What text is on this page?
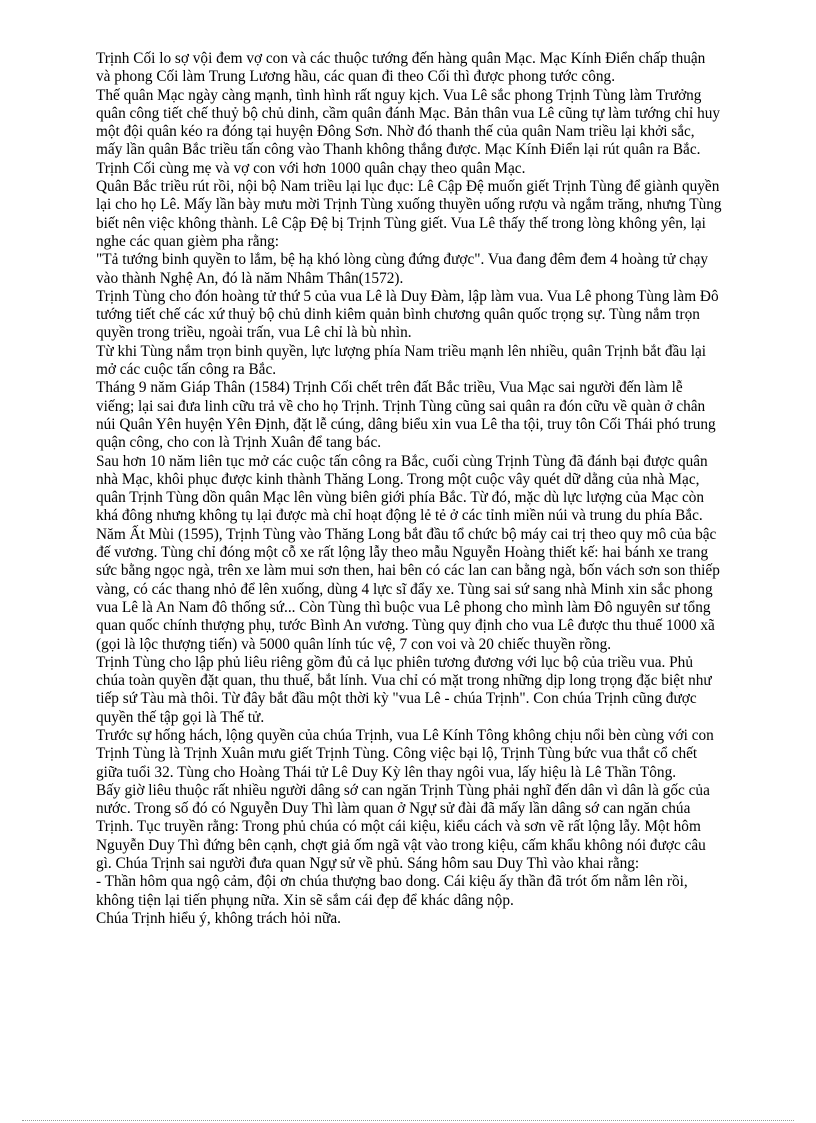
Trịnh Cối lo sợ vội đem vợ con và các thuộc tướng đến hàng quân Mạc. Mạc Kính Điển chấp thuận và phong Cối làm Trung Lương hầu, các quan đi theo Cối thì được phong tước công.

Thế quân Mạc ngày càng mạnh, tình hình rất nguy kịch. Vua Lê sắc phong Trịnh Tùng làm Trưởng quân công tiết chế thuỷ bộ chủ dinh, cầm quân đánh Mạc. Bản thân vua Lê cũng tự làm tướng chỉ huy một đội quân kéo ra đóng tại huyện Đông Sơn. Nhờ đó thanh thế của quân Nam triều lại khởi sắc, mấy lần quân Bắc triều tấn công vào Thanh không thắng được. Mạc Kính Điển lại rút quân ra Bắc. Trịnh Cối cùng mẹ và vợ con với hơn 1000 quân chạy theo quân Mạc.

Quân Bắc triều rút rồi, nội bộ Nam triều lại lục đục: Lê Cập Đệ muốn giết Trịnh Tùng để giành quyền lại cho họ Lê. Mấy lần bày mưu mời Trịnh Tùng xuống thuyền uống rượu và ngắm trăng, nhưng Tùng biết nên việc không thành. Lê Cập Đệ bị Trịnh Tùng giết. Vua Lê thấy thế trong lòng không yên, lại nghe các quan gièm pha rằng:

"Tả tướng binh quyền to lắm, bệ hạ khó lòng cùng đứng được". Vua đang đêm đem 4 hoàng tử chạy vào thành Nghệ An, đó là năm Nhâm Thân(1572).

Trịnh Tùng cho đón hoàng tử thứ 5 của vua Lê là Duy Đàm, lập làm vua. Vua Lê phong Tùng làm Đô tướng tiết chế các xứ thuỷ bộ chủ dinh kiêm quản bình chương quân quốc trọng sự. Tùng nắm trọn quyền trong triều, ngoài trấn, vua Lê chỉ là bù nhìn.

Từ khi Tùng nắm trọn binh quyền, lực lượng phía Nam triều mạnh lên nhiều, quân Trịnh bắt đầu lại mở các cuộc tấn công ra Bắc.

Tháng 9 năm Giáp Thân (1584) Trịnh Cối chết trên đất Bắc triều, Vua Mạc sai người đến làm lễ viếng; lại sai đưa linh cữu trả về cho họ Trịnh. Trịnh Tùng cũng sai quân ra đón cữu về quàn ở chân núi Quân Yên huyện Yên Định, đặt lễ cúng, dâng biểu xin vua Lê tha tội, truy tôn Cối Thái phó trung quận công, cho con là Trịnh Xuân để tang bác.

Sau hơn 10 năm liên tục mở các cuộc tấn công ra Bắc, cuối cùng Trịnh Tùng đã đánh bại được quân nhà Mạc, khôi phục được kinh thành Thăng Long. Trong một cuộc vây quét dữ dằng của nhà Mạc, quân Trịnh Tùng dồn quân Mạc lên vùng biên giới phía Bắc. Từ đó, mặc dù lực lượng của Mạc còn khá đông nhưng không tụ lại được mà chỉ hoạt động lẻ tẻ ở các tỉnh miền núi và trung du phía Bắc.

Năm Ất Mùi (1595), Trịnh Tùng vào Thăng Long bắt đầu tổ chức bộ máy cai trị theo quy mô của bậc đế vương. Tùng chỉ đóng một cỗ xe rất lộng lẫy theo mẫu Nguyễn Hoàng thiết kế: hai bánh xe trang sức bằng ngọc ngà, trên xe làm mui sơn then, hai bên có các lan can bằng ngà, bốn vách sơn son thiếp vàng, có các thang nhỏ để lên xuống, dùng 4 lực sĩ đẩy xe. Tùng sai sứ sang nhà Minh xin sắc phong vua Lê là An Nam đô thống sứ... Còn Tùng thì buộc vua Lê phong cho mình làm Đô nguyên sư tổng quan quốc chính thượng phụ, tước Bình An vương. Tùng quy định cho vua Lê được thu thuế 1000 xã (gọi là lộc thượng tiến) và 5000 quân lính túc vệ, 7 con voi và 20 chiếc thuyền rồng.

Trịnh Tùng cho lập phủ liêu riêng gồm đủ cả lục phiên tương đương với lục bộ của triều vua. Phủ chúa toàn quyền đặt quan, thu thuế, bắt lính. Vua chỉ có mặt trong những dịp long trọng đặc biệt như tiếp sứ Tàu mà thôi. Từ đây bắt đầu một thời kỳ "vua Lê - chúa Trịnh". Con chúa Trịnh cũng được quyền thế tập gọi là Thế tử.

Trước sự hống hách, lộng quyền của chúa Trịnh, vua Lê Kính Tông không chịu nổi bèn cùng với con Trịnh Tùng là Trịnh Xuân mưu giết Trịnh Tùng. Công việc bại lộ, Trịnh Tùng bức vua thắt cổ chết giữa tuổi 32. Tùng cho Hoàng Thái tử Lê Duy Kỳ lên thay ngôi vua, lấy hiệu là Lê Thần Tông.

Bấy giờ liêu thuộc rất nhiều người dâng sớ can ngăn Trịnh Tùng phải nghĩ đến dân vì dân là gốc của nước. Trong số đó có Nguyễn Duy Thì làm quan ở Ngự sử đài đã mấy lần dâng sớ can ngăn chúa Trịnh. Tục truyền rằng: Trong phủ chúa có một cái kiệu, kiểu cách và sơn vẽ rất lộng lẫy. Một hôm Nguyễn Duy Thì đứng bên cạnh, chợt giả ốm ngã vật vào trong kiệu, cấm khẩu không nói được câu gì. Chúa Trịnh sai người đưa quan Ngự sử về phủ. Sáng hôm sau Duy Thì vào khai rằng:

- Thần hôm qua ngộ cảm, đội ơn chúa thượng bao dong. Cái kiệu ấy thần đã trót ốm nằm lên rồi, không tiện lại tiến phụng nữa. Xin sẽ sắm cái đẹp để khác dâng nộp.

Chúa Trịnh hiểu ý, không trách hỏi nữa.
